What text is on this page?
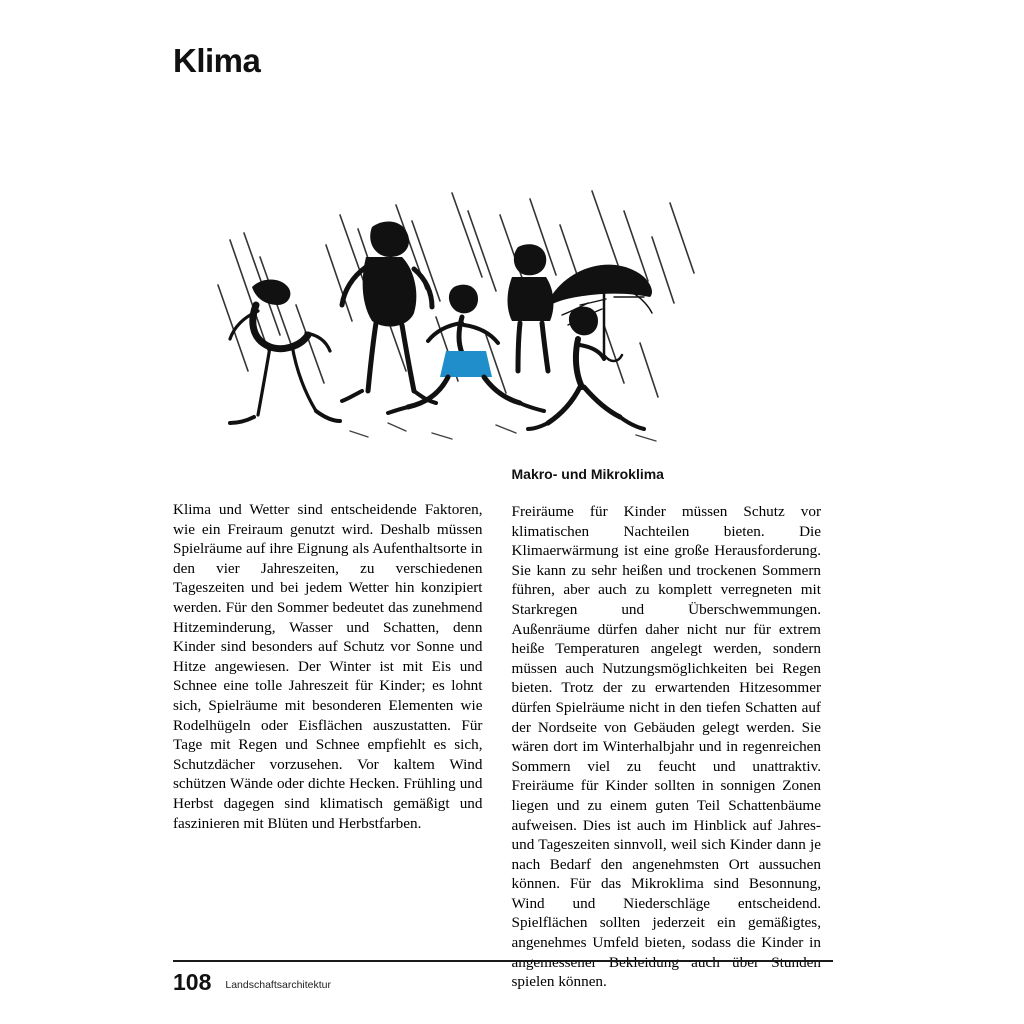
Klima

Klima und Wetter sind entscheidende Faktoren, wie ein Freiraum genutzt wird. Deshalb müssen Spielräume auf ihre Eignung als Aufenthaltsorte in den vier Jahreszeiten, zu verschiedenen Tageszeiten und bei jedem Wetter hin konzipiert werden. Für den Sommer bedeutet das zunehmend Hitzeminderung, Wasser und Schatten, denn Kinder sind besonders auf Schutz vor Sonne und Hitze angewiesen. Der Winter ist mit Eis und Schnee eine tolle Jahreszeit für Kinder; es lohnt sich, Spielräume mit besonderen Elementen wie Rodelhügeln oder Eisflächen auszustatten. Für Tage mit Regen und Schnee empfiehlt es sich, Schutzdächer vorzusehen. Vor kaltem Wind schützen Wände oder dichte Hecken. Frühling und Herbst dagegen sind klimatisch gemäßigt und faszinieren mit Blüten und Herbstfarben.

Makro- und Mikroklima

Freiräume für Kinder müssen Schutz vor klimatischen Nachteilen bieten. Die Klimaerwärmung ist eine große Herausforderung. Sie kann zu sehr heißen und trockenen Sommern führen, aber auch zu komplett verregneten mit Starkregen und Überschwemmungen. Außenräume dürfen daher nicht nur für extrem heiße Temperaturen angelegt werden, sondern müssen auch Nutzungsmöglichkeiten bei Regen bieten. Trotz der zu erwartenden Hitzesommer dürfen Spielräume nicht in den tiefen Schatten auf der Nordseite von Gebäuden gelegt werden. Sie wären dort im Winterhalbjahr und in regenreichen Sommern viel zu feucht und unattraktiv. Freiräume für Kinder sollten in sonnigen Zonen liegen und zu einem guten Teil Schattenbäume aufweisen. Dies ist auch im Hinblick auf Jahres- und Tageszeiten sinnvoll, weil sich Kinder dann je nach Bedarf den angenehmsten Ort aussuchen können. Für das Mikroklima sind Besonnung, Wind und Niederschläge entscheidend. Spielflächen sollten jederzeit ein gemäßigtes, angenehmes Umfeld bieten, sodass die Kinder in angemessener Bekleidung auch über Stunden spielen können.

108 Landschaftsarchitektur
